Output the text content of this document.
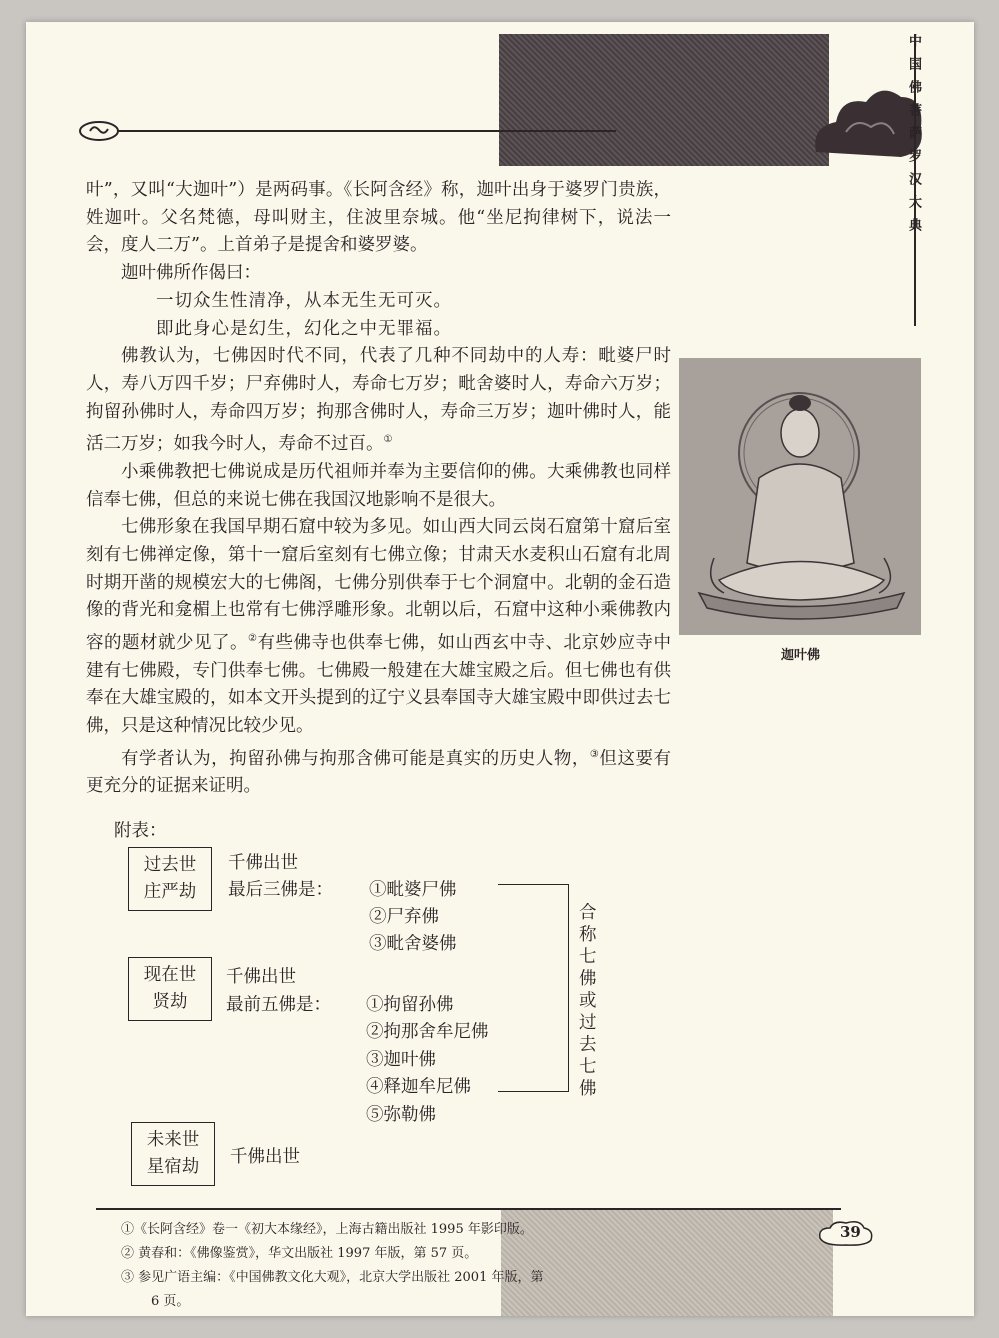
中国佛菩萨罗汉大典

叶”，又叫“大迦叶”）是两码事。《长阿含经》称，迦叶出身于婆罗门贵族，姓迦叶。父名梵德，母叫财主，住波里奈城。他“坐尼拘律树下，说法一会，度人二万”。上首弟子是提舍和婆罗婆。

迦叶佛所作偈曰：

一切众生性清净，从本无生无可灭。

即此身心是幻生，幻化之中无罪福。

佛教认为，七佛因时代不同，代表了几种不同劫中的人寿：毗婆尸时人，寿八万四千岁；尸弃佛时人，寿命七万岁；毗舍婆时人，寿命六万岁；拘留孙佛时人，寿命四万岁；拘那含佛时人，寿命三万岁；迦叶佛时人，能活二万岁；如我今时人，寿命不过百。①

小乘佛教把七佛说成是历代祖师并奉为主要信仰的佛。大乘佛教也同样信奉七佛，但总的来说七佛在我国汉地影响不是很大。

七佛形象在我国早期石窟中较为多见。如山西大同云岗石窟第十窟后室刻有七佛禅定像，第十一窟后室刻有七佛立像；甘肃天水麦积山石窟有北周时期开凿的规模宏大的七佛阁，七佛分别供奉于七个洞窟中。北朝的金石造像的背光和龛楣上也常有七佛浮雕形象。北朝以后，石窟中这种小乘佛教内容的题材就少见了。②有些佛寺也供奉七佛，如山西玄中寺、北京妙应寺中建有七佛殿，专门供奉七佛。七佛殿一般建在大雄宝殿之后。但七佛也有供奉在大雄宝殿的，如本文开头提到的辽宁义县奉国寺大雄宝殿中即供过去七佛，只是这种情况比较少见。

有学者认为，拘留孙佛与拘那含佛可能是真实的历史人物，③但这要有更充分的证据来证明。

迦叶佛
附表：
过去世
庄严劫
千佛出世
最后三佛是： ①毗婆尸佛
②尸弃佛
③毗舍婆佛
现在世
贤劫
千佛出世
最前五佛是： ①拘留孙佛
②拘那舍牟尼佛
③迦叶佛
④释迦牟尼佛
⑤弥勒佛
未来世
星宿劫	千佛出世
合称七佛或过去七佛

①《长阿含经》卷一《初大本缘经》，上海古籍出版社 1995 年影印版。

② 黄春和：《佛像鉴赏》，华文出版社 1997 年版，第 57 页。

③ 参见广语主编：《中国佛教文化大观》，北京大学出版社 2001 年版，第

6 页。

39
